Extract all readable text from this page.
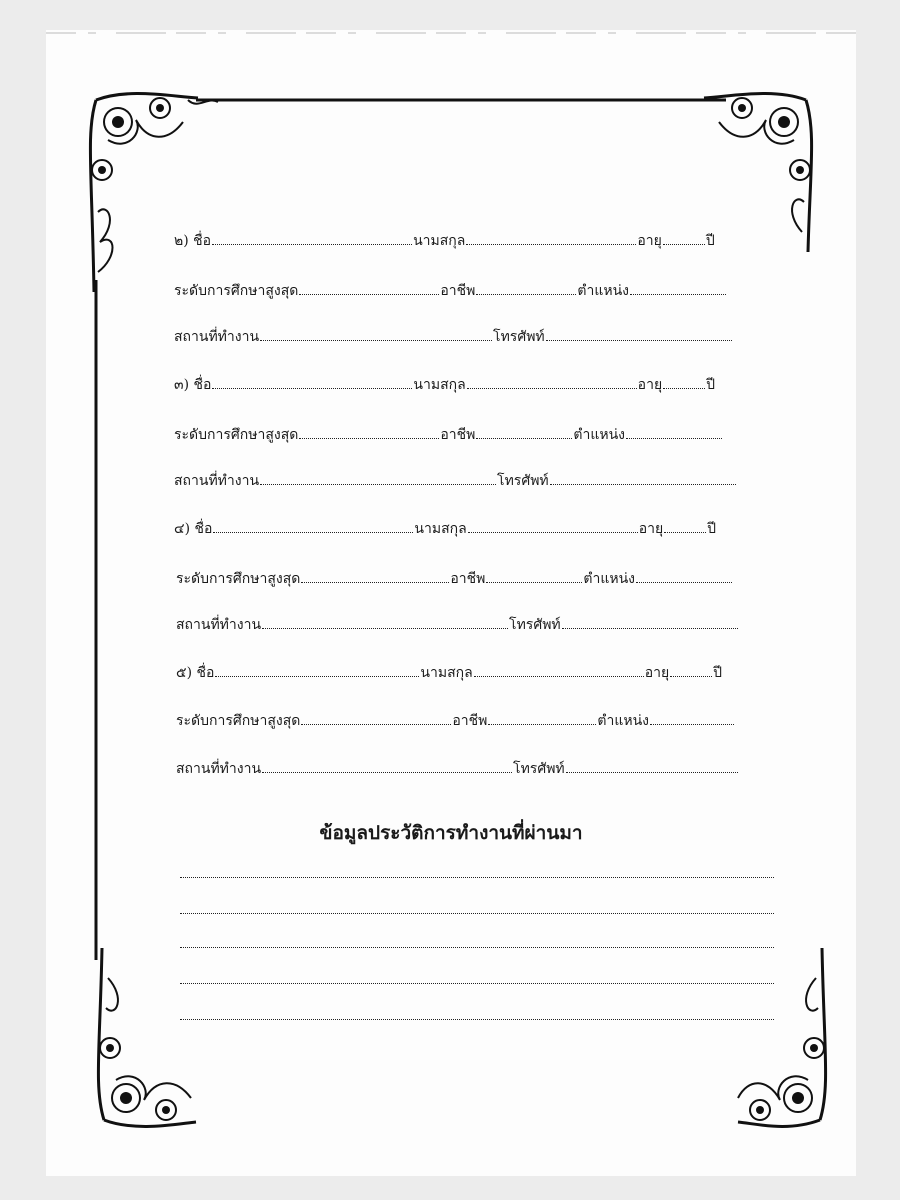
๒) ชื่อ	นามสกุล	อายุ	ปี
ระดับการศึกษาสูงสุด	อาชีพ	ตำแหน่ง
สถานที่ทำงาน	โทรศัพท์
๓) ชื่อ	นามสกุล	อายุ	ปี
ระดับการศึกษาสูงสุด	อาชีพ	ตำแหน่ง
สถานที่ทำงาน	โทรศัพท์
๔) ชื่อ	นามสกุล	อายุ	ปี
ระดับการศึกษาสูงสุด	อาชีพ	ตำแหน่ง
สถานที่ทำงาน	โทรศัพท์
๕) ชื่อ	นามสกุล	อายุ	ปี
ระดับการศึกษาสูงสุด	อาชีพ	ตำแหน่ง
สถานที่ทำงาน	โทรศัพท์
ข้อมูลประวัติการทำงานที่ผ่านมา
